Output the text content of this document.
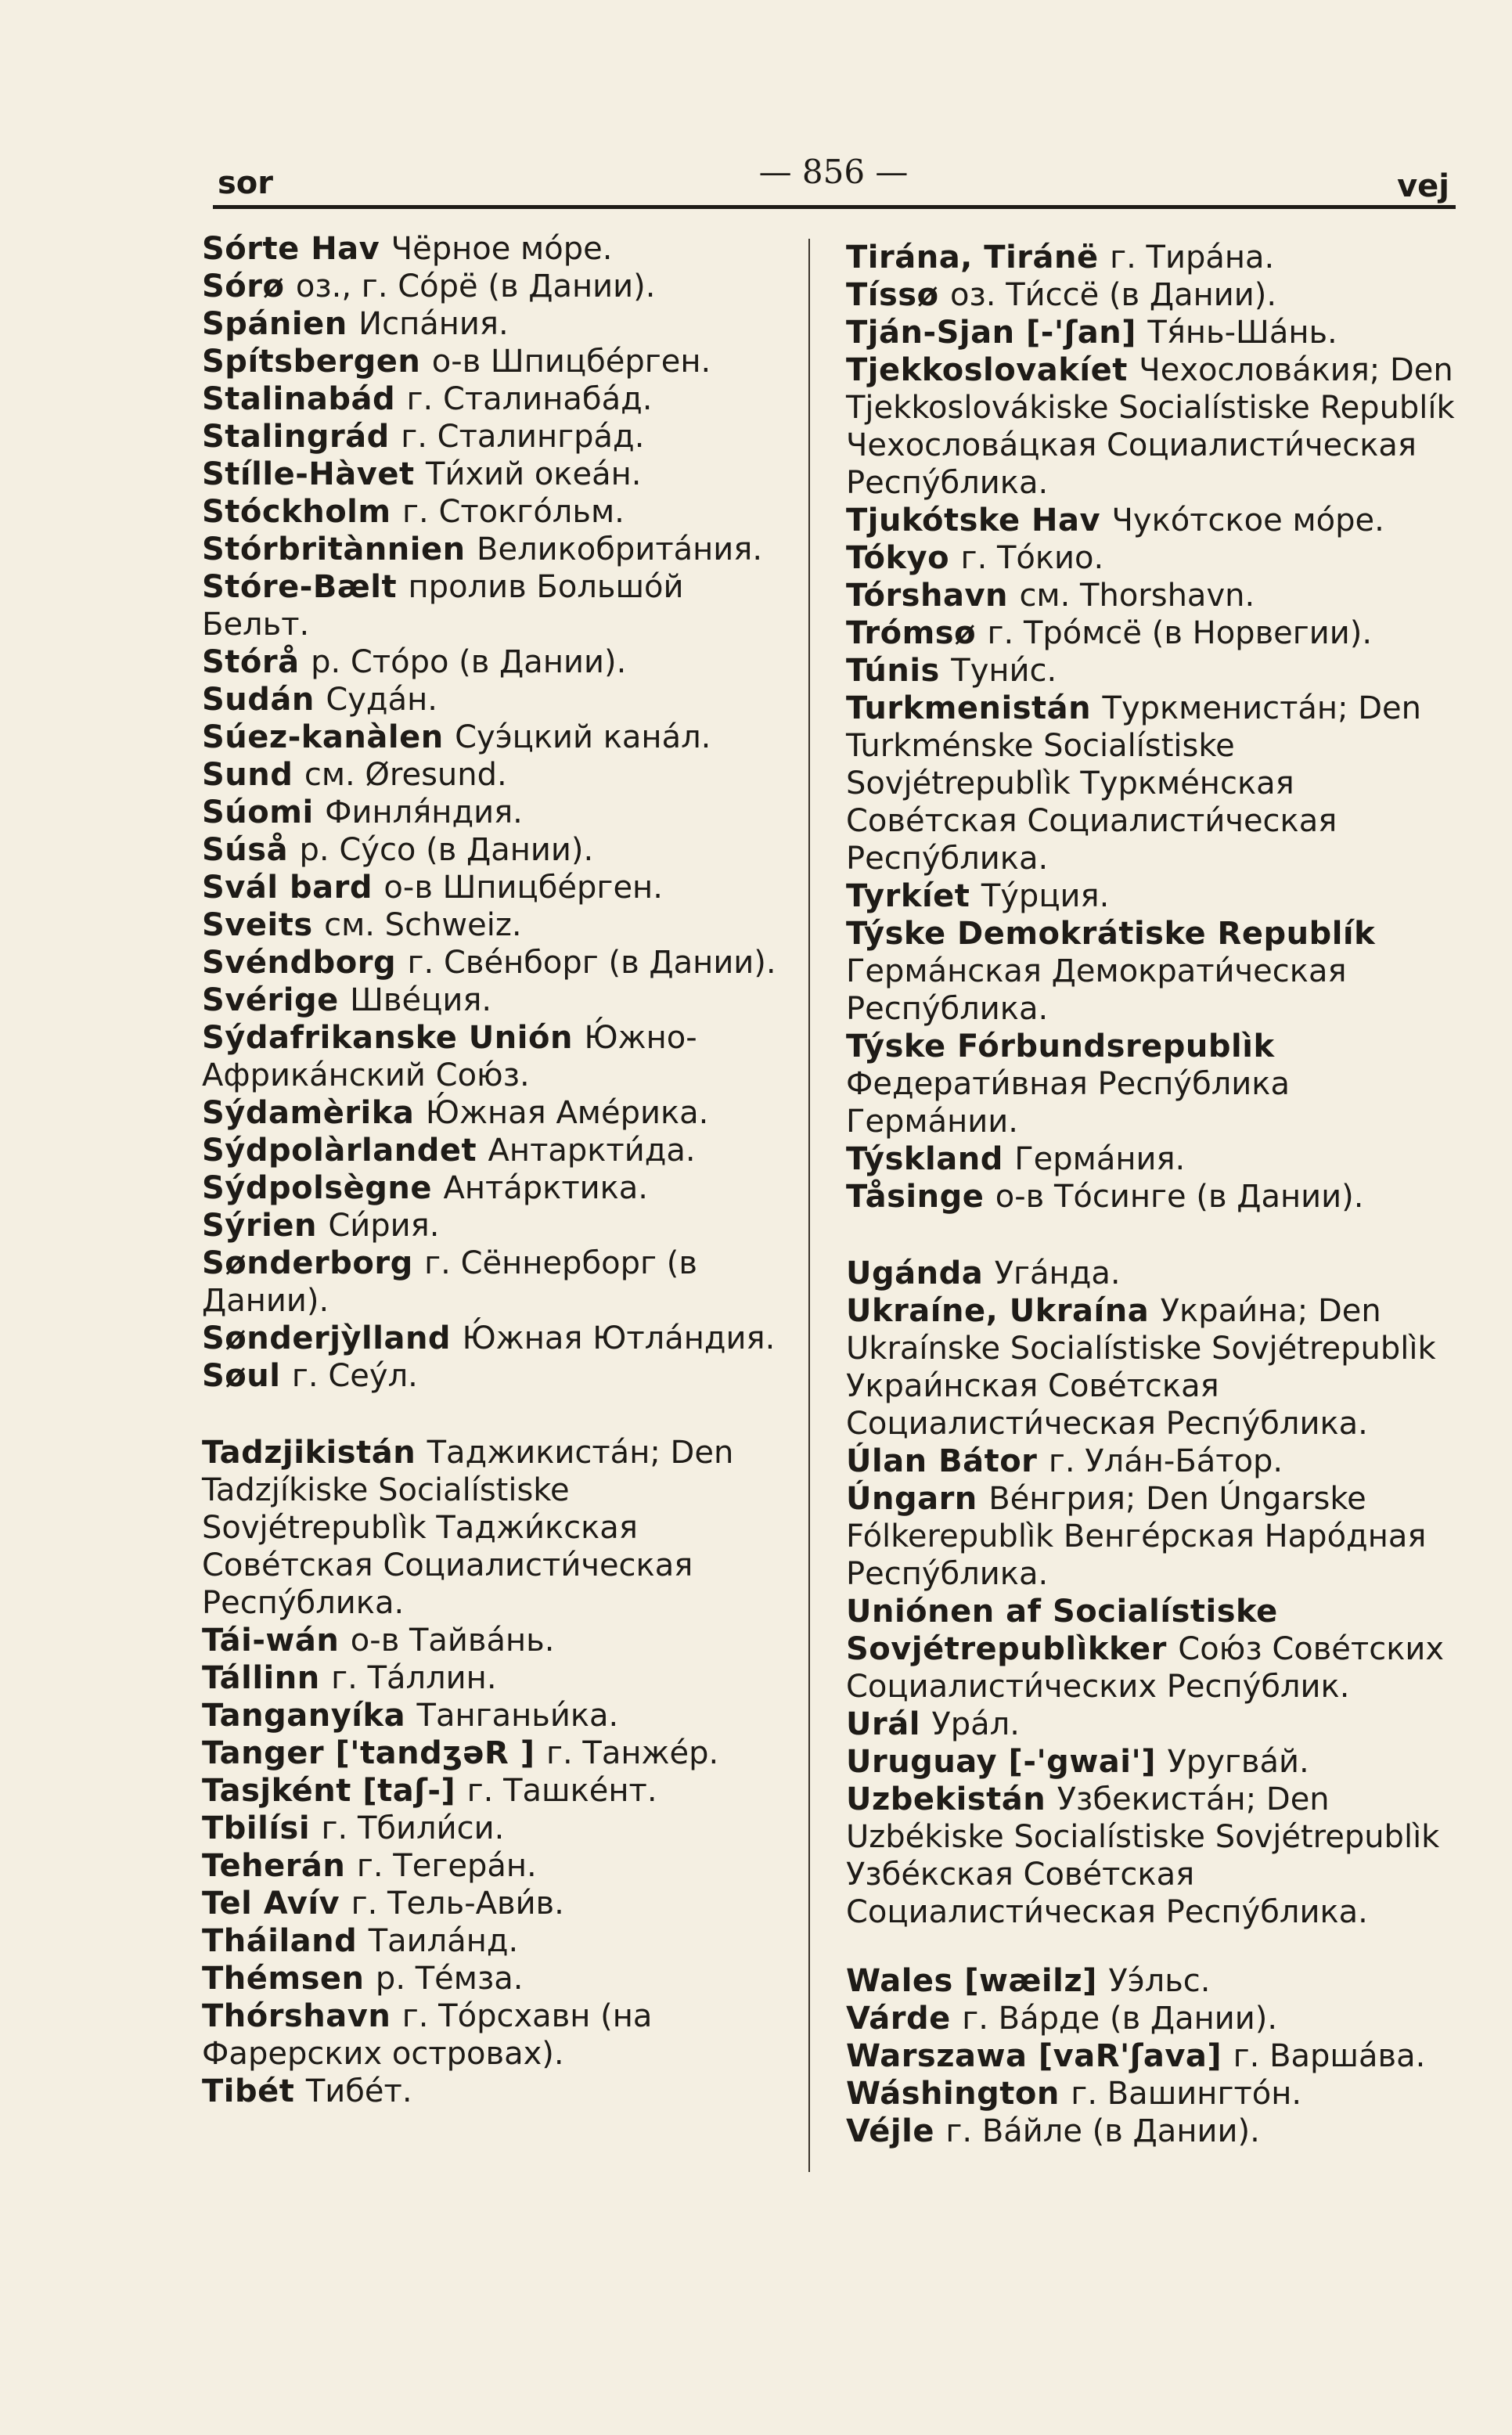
sor	— 856 —	vej
Sórte Hav Чёрное мо́ре.
Sórø оз., г. Сóрё (в Дании).
Spánien Испа́ния.
Spítsbergen о-в Шпицбе́рген.
Stalinabád г. Сталинаба́д.
Stalingrád г. Сталингра́д.
Stílle-Hàvet Ти́хий океа́н.
Stóckholm г. Стокго́льм.
Stórbritànnien Великобрита́ния.
Stóre-Bælt пролив Большо́й Бельт.
Stórå р. Сто́ро (в Дании).
Sudán Суда́н.
Súez-kanàlen Суэ́цкий кана́л.
Sund см. Øresund.
Súomi Финля́ндия.
Súså р. Су́со (в Дании).
Svál bard о-в Шпицбе́рген.
Sveits см. Schweiz.
Svéndborg г. Све́нборг (в Дании).
Svérige Шве́ция.
Sýdafrikanske Unión Ю́жно-Африка́нский Сою́з.
Sýdamèrika Ю́жная Аме́рика.
Sýdpolàrlandet Антаркти́да.
Sýdpolsègne Анта́рктика.
Sýrien Си́рия.
Sønderborg г. Сённерборг (в Дании).
Sønderjỳlland Ю́жная Ютла́ндия.
Søul г. Сеу́л.
Tadzjikistán Таджикиста́н; Den Tadzjíkiske Socialístiske Sovjétrepublìk Таджи́кская Сове́тская Социалисти́ческая Респу́блика.
Tái-wán о-в Тайва́нь.
Tállinn г. Та́ллин.
Tanganyíka Танганьи́ка.
Tanger ['tandʒəR ] г. Танже́р.
Tasjként [taʃ-] г. Ташке́нт.
Tbilísi г. Тбили́си.
Teherán г. Тегера́н.
Tel Avív г. Тель-Ави́в.
Tháiland Таила́нд.
Thémsen р. Те́мза.
Thórshavn г. То́рсхавн (на Фарерских островах).
Tibét Тибе́т.
Tirána, Tiránë г. Тира́на.
Tíssø оз. Ти́ссё (в Дании).
Tján-Sjan [-'ʃan] Тя́нь-Ша́нь.
Tjekkoslovakíet Чехослова́кия; Den Tjekkoslovákiske Socialístiske Republík Чехослова́цкая Социалисти́ческая Респу́блика.
Tjukótske Hav Чуко́тское мо́ре.
Tókyo г. То́кио.
Tórshavn см. Thorshavn.
Trómsø г. Тро́мсё (в Норвегии).
Túnis Туни́с.
Turkmenistán Туркмениста́н; Den Turkménske Socialístiske Sovjétrepublìk Туркме́нская Сове́тская Социалисти́ческая Респу́блика.
Tyrkíet Ту́рция.
Týske Demokrátiske Republík Герма́нская Демократи́ческая Респу́блика.
Týske Fórbundsrepublìk Федерати́вная Респу́блика Герма́нии.
Týskland Герма́ния.
Tåsinge о-в То́синге (в Дании).
Ugánda Уга́нда.
Ukraíne, Ukraína Украи́на; Den Ukraínske Socialístiske Sovjétrepublìk Украи́нская Сове́тская Социалисти́ческая Респу́блика.
Úlan Bátor г. Ула́н-Ба́тор.
Úngarn Ве́нгрия; Den Úngarske Fólkerepublìk Венге́рская Наро́дная Респу́блика.
Uniónen af Socialístiske Sovjétrepublìkker Сою́з Сове́тских Социалисти́ческих Респу́блик.
Urál Ура́л.
Uruguay [-'gwai'] Уругва́й.
Uzbekistán Узбекиста́н; Den Uzbékiske Socialístiske Sovjétrepublìk Узбе́кская Сове́тская Социалисти́ческая Респу́блика.
Wales [wæilz] Уэ́льс.
Várde г. Ва́рде (в Дании).
Warszawa [vaR'ʃava] г. Варша́ва.
Wáshington г. Вашингто́н.
Véjle г. Ва́йле (в Дании).
